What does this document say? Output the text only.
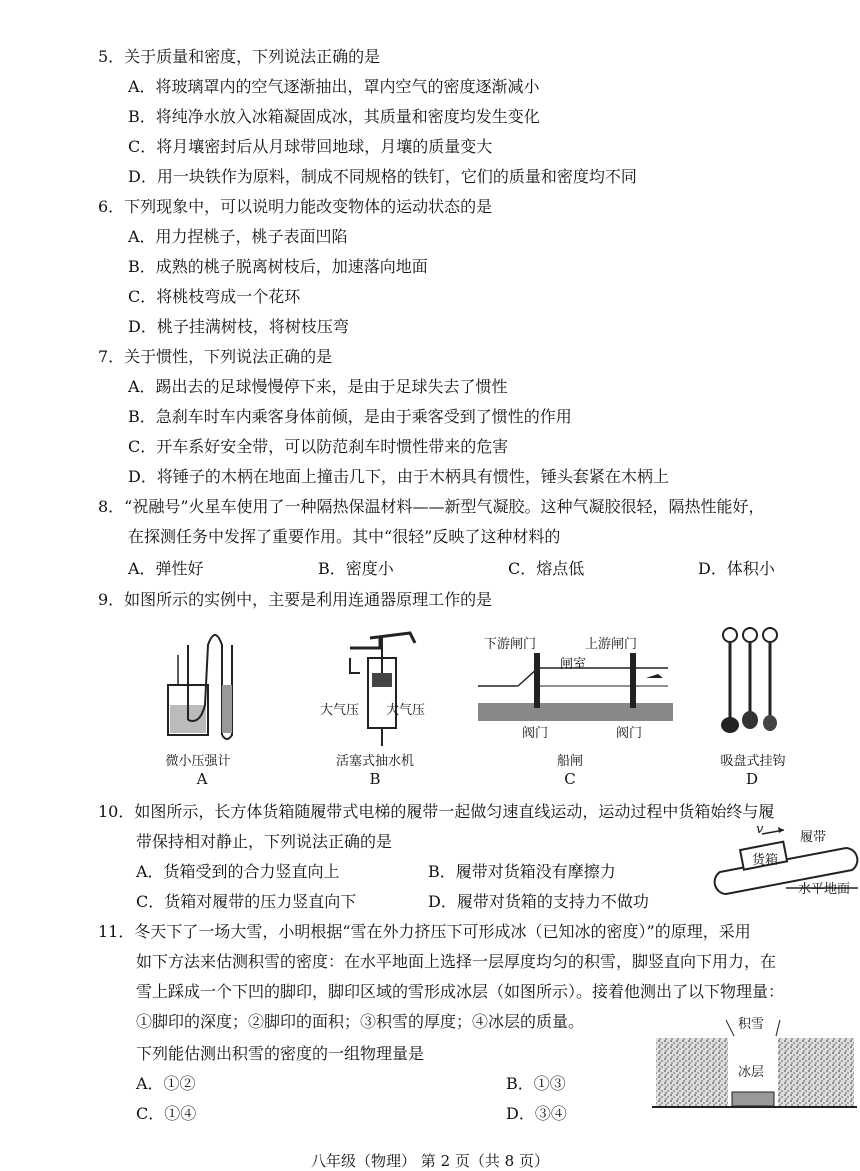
5．关于质量和密度，下列说法正确的是
A．将玻璃罩内的空气逐渐抽出，罩内空气的密度逐渐减小
B．将纯净水放入冰箱凝固成冰，其质量和密度均发生变化
C．将月壤密封后从月球带回地球，月壤的质量变大
D．用一块铁作为原料，制成不同规格的铁钉，它们的质量和密度均不同
6．下列现象中，可以说明力能改变物体的运动状态的是
A．用力捏桃子，桃子表面凹陷
B．成熟的桃子脱离树枝后，加速落向地面
C．将桃枝弯成一个花环
D．桃子挂满树枝，将树枝压弯
7．关于惯性，下列说法正确的是
A．踢出去的足球慢慢停下来，是由于足球失去了惯性
B．急刹车时车内乘客身体前倾，是由于乘客受到了惯性的作用
C．开车系好安全带，可以防范刹车时惯性带来的危害
D．将锤子的木柄在地面上撞击几下，由于木柄具有惯性，锤头套紧在木柄上
8．“祝融号”火星车使用了一种隔热保温材料——新型气凝胶。这种气凝胶很轻，隔热性能好，
在探测任务中发挥了重要作用。其中“很轻”反映了这种材料的
A．弹性好	B．密度小	C．熔点低	D．体积小
9．如图所示的实例中，主要是利用连通器原理工作的是
微小压强计
A
大气压 大气压
活塞式抽水机
B
下游闸门	上游闸门
闸室
阀门	阀门
船闸
C
吸盘式挂钩
D
10．如图所示，长方体货箱随履带式电梯的履带一起做匀速直线运动，运动过程中货箱始终与履
带保持相对静止，下列说法正确的是
A．货箱受到的合力竖直向上	B．履带对货箱没有摩擦力
C．货箱对履带的压力竖直向下	D．履带对货箱的支持力不做功
v
履带
货箱
水平地面
11．冬天下了一场大雪，小明根据“雪在外力挤压下可形成冰（已知冰的密度）”的原理，采用
如下方法来估测积雪的密度：在水平地面上选择一层厚度均匀的积雪，脚竖直向下用力，在
雪上踩成一个下凹的脚印，脚印区域的雪形成冰层（如图所示）。接着他测出了以下物理量：
①脚印的深度；②脚印的面积；③积雪的厚度；④冰层的质量。
下列能估测出积雪的密度的一组物理量是
A．①②	B．①③
C．①④	D．③④
积雪
冰层
八年级（物理） 第 2 页（共 8 页）
